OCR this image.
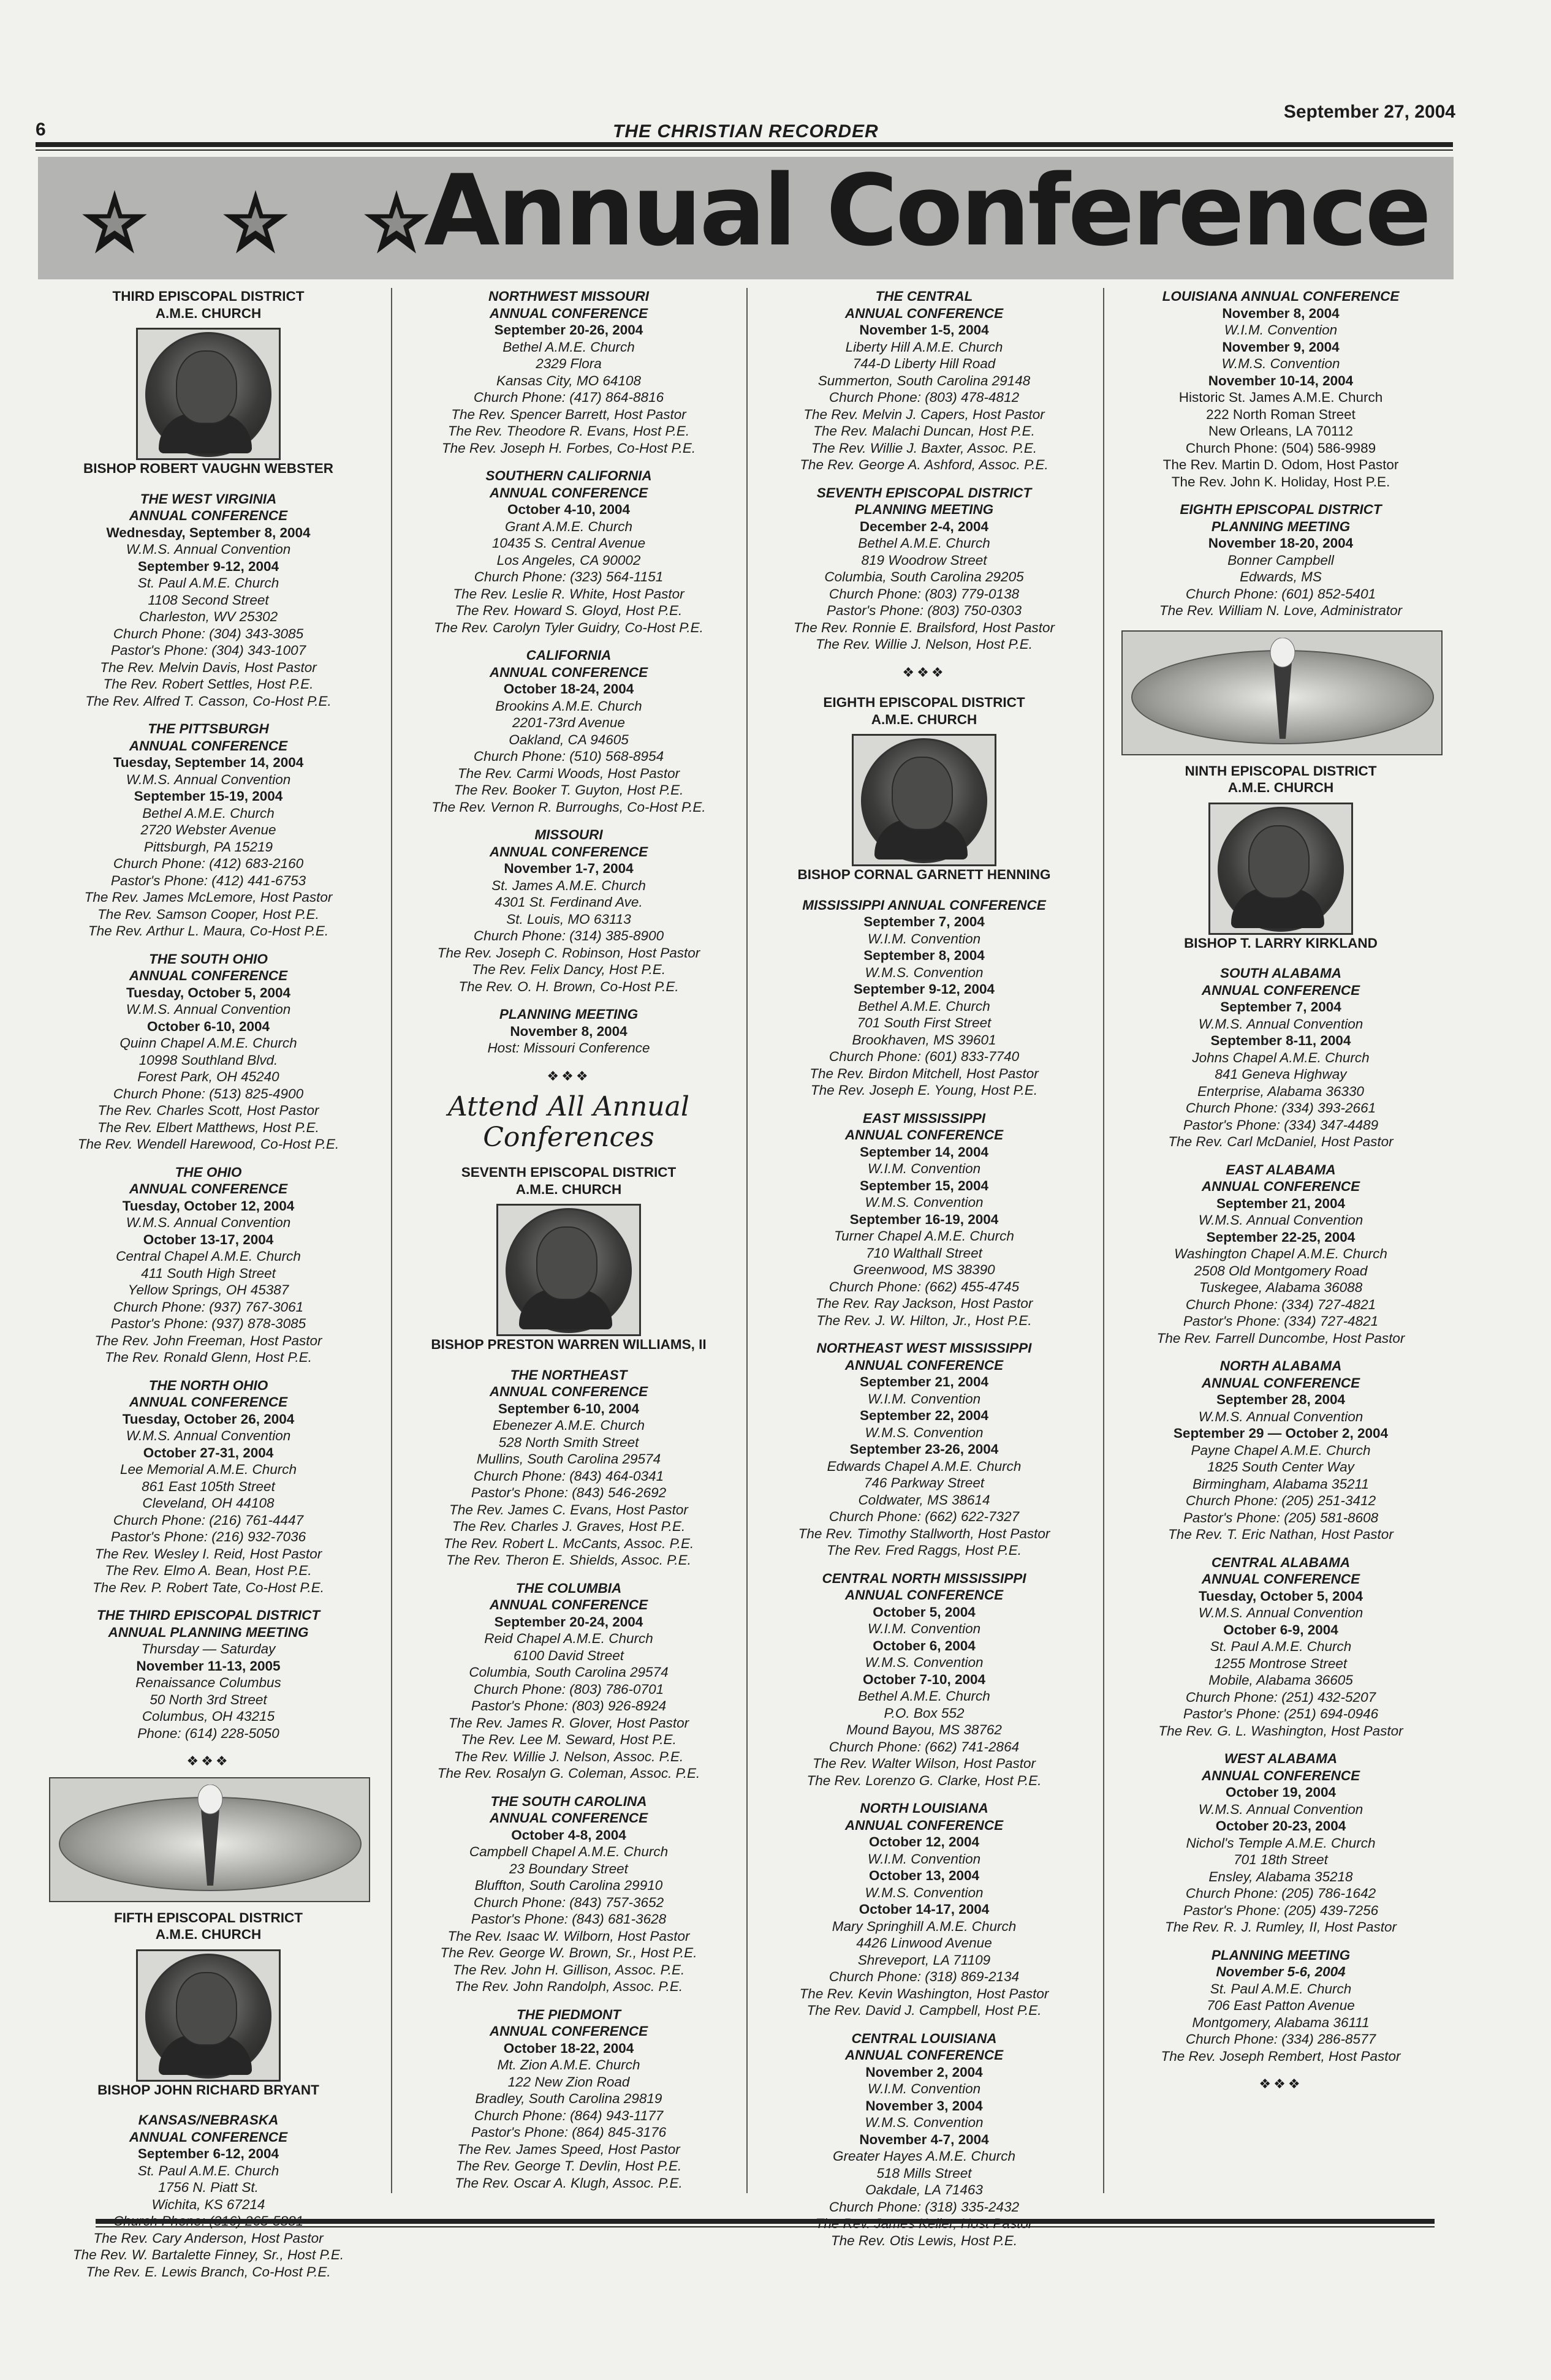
6	THE CHRISTIAN RECORDER
September 27, 2004
Annual Conference

THIRD EPISCOPAL DISTRICT

A.M.E. CHURCH

BISHOP ROBERT VAUGHN WEBSTER

THE WEST VIRGINIA

ANNUAL CONFERENCE

Wednesday, September 8, 2004

W.M.S. Annual Convention

September 9-12, 2004

St. Paul A.M.E. Church

1108 Second Street

Charleston, WV 25302

Church Phone: (304) 343-3085

Pastor's Phone: (304) 343-1007

The Rev. Melvin Davis, Host Pastor

The Rev. Robert Settles, Host P.E.

The Rev. Alfred T. Casson, Co-Host P.E.

THE PITTSBURGH

ANNUAL CONFERENCE

Tuesday, September 14, 2004

W.M.S. Annual Convention

September 15-19, 2004

Bethel A.M.E. Church

2720 Webster Avenue

Pittsburgh, PA 15219

Church Phone: (412) 683-2160

Pastor's Phone: (412) 441-6753

The Rev. James McLemore, Host Pastor

The Rev. Samson Cooper, Host P.E.

The Rev. Arthur L. Maura, Co-Host P.E.

THE SOUTH OHIO

ANNUAL CONFERENCE

Tuesday, October 5, 2004

W.M.S. Annual Convention

October 6-10, 2004

Quinn Chapel A.M.E. Church

10998 Southland Blvd.

Forest Park, OH 45240

Church Phone: (513) 825-4900

The Rev. Charles Scott, Host Pastor

The Rev. Elbert Matthews, Host P.E.

The Rev. Wendell Harewood, Co-Host P.E.

THE OHIO

ANNUAL CONFERENCE

Tuesday, October 12, 2004

W.M.S. Annual Convention

October 13-17, 2004

Central Chapel A.M.E. Church

411 South High Street

Yellow Springs, OH 45387

Church Phone: (937) 767-3061

Pastor's Phone: (937) 878-3085

The Rev. John Freeman, Host Pastor

The Rev. Ronald Glenn, Host P.E.

THE NORTH OHIO

ANNUAL CONFERENCE

Tuesday, October 26, 2004

W.M.S. Annual Convention

October 27-31, 2004

Lee Memorial A.M.E. Church

861 East 105th Street

Cleveland, OH 44108

Church Phone: (216) 761-4447

Pastor's Phone: (216) 932-7036

The Rev. Wesley I. Reid, Host Pastor

The Rev. Elmo A. Bean, Host P.E.

The Rev. P. Robert Tate, Co-Host P.E.

THE THIRD EPISCOPAL DISTRICT

ANNUAL PLANNING MEETING

Thursday — Saturday

November 11-13, 2005

Renaissance Columbus

50 North 3rd Street

Columbus, OH 43215

Phone: (614) 228-5050

❖❖❖

FIFTH EPISCOPAL DISTRICT

A.M.E. CHURCH

BISHOP JOHN RICHARD BRYANT

KANSAS/NEBRASKA

ANNUAL CONFERENCE

September 6-12, 2004

St. Paul A.M.E. Church

1756 N. Piatt St.

Wichita, KS 67214

The Rev. Cary Anderson, Host Pastor

The Rev. W. Bartalette Finney, Sr., Host P.E.

The Rev. E. Lewis Branch, Co-Host P.E.

NORTHWEST MISSOURI

ANNUAL CONFERENCE

September 20-26, 2004

Bethel A.M.E. Church

2329 Flora

Kansas City, MO 64108

Church Phone: (417) 864-8816

The Rev. Spencer Barrett, Host Pastor

The Rev. Theodore R. Evans, Host P.E.

The Rev. Joseph H. Forbes, Co-Host P.E.

SOUTHERN CALIFORNIA

ANNUAL CONFERENCE

October 4-10, 2004

Grant A.M.E. Church

10435 S. Central Avenue

Los Angeles, CA 90002

Church Phone: (323) 564-1151

The Rev. Leslie R. White, Host Pastor

The Rev. Howard S. Gloyd, Host P.E.

The Rev. Carolyn Tyler Guidry, Co-Host P.E.

CALIFORNIA

ANNUAL CONFERENCE

October 18-24, 2004

Brookins A.M.E. Church

2201-73rd Avenue

Oakland, CA 94605

Church Phone: (510) 568-8954

The Rev. Carmi Woods, Host Pastor

The Rev. Booker T. Guyton, Host P.E.

The Rev. Vernon R. Burroughs, Co-Host P.E.

MISSOURI

ANNUAL CONFERENCE

November 1-7, 2004

St. James A.M.E. Church

4301 St. Ferdinand Ave.

St. Louis, MO 63113

Church Phone: (314) 385-8900

The Rev. Joseph C. Robinson, Host Pastor

The Rev. Felix Dancy, Host P.E.

The Rev. O. H. Brown, Co-Host P.E.

PLANNING MEETING

November 8, 2004

Host: Missouri Conference

❖❖❖

Attend All Annual
Conferences

SEVENTH EPISCOPAL DISTRICT

A.M.E. CHURCH

BISHOP PRESTON WARREN WILLIAMS, II

THE NORTHEAST

ANNUAL CONFERENCE

September 6-10, 2004

Ebenezer A.M.E. Church

528 North Smith Street

Mullins, South Carolina 29574

Church Phone: (843) 464-0341

Pastor's Phone: (843) 546-2692

The Rev. James C. Evans, Host Pastor

The Rev. Charles J. Graves, Host P.E.

The Rev. Robert L. McCants, Assoc. P.E.

The Rev. Theron E. Shields, Assoc. P.E.

THE COLUMBIA

ANNUAL CONFERENCE

September 20-24, 2004

Reid Chapel A.M.E. Church

6100 David Street

Columbia, South Carolina 29574

Church Phone: (803) 786-0701

Pastor's Phone: (803) 926-8924

The Rev. James R. Glover, Host Pastor

The Rev. Lee M. Seward, Host P.E.

The Rev. Willie J. Nelson, Assoc. P.E.

The Rev. Rosalyn G. Coleman, Assoc. P.E.

THE SOUTH CAROLINA

ANNUAL CONFERENCE

October 4-8, 2004

Campbell Chapel A.M.E. Church

23 Boundary Street

Bluffton, South Carolina 29910

Church Phone: (843) 757-3652

Pastor's Phone: (843) 681-3628

The Rev. Isaac W. Wilborn, Host Pastor

The Rev. George W. Brown, Sr., Host P.E.

The Rev. John H. Gillison, Assoc. P.E.

The Rev. John Randolph, Assoc. P.E.

THE PIEDMONT

ANNUAL CONFERENCE

October 18-22, 2004

Mt. Zion A.M.E. Church

122 New Zion Road

Bradley, South Carolina 29819

Church Phone: (864) 943-1177

Pastor's Phone: (864) 845-3176

The Rev. James Speed, Host Pastor

The Rev. George T. Devlin, Host P.E.

The Rev. Oscar A. Klugh, Assoc. P.E.

THE CENTRAL

ANNUAL CONFERENCE

November 1-5, 2004

Liberty Hill A.M.E. Church

744-D Liberty Hill Road

Summerton, South Carolina 29148

Church Phone: (803) 478-4812

The Rev. Melvin J. Capers, Host Pastor

The Rev. Malachi Duncan, Host P.E.

The Rev. Willie J. Baxter, Assoc. P.E.

The Rev. George A. Ashford, Assoc. P.E.

SEVENTH EPISCOPAL DISTRICT

PLANNING MEETING

December 2-4, 2004

Bethel A.M.E. Church

819 Woodrow Street

Columbia, South Carolina 29205

Church Phone: (803) 779-0138

Pastor's Phone: (803) 750-0303

The Rev. Ronnie E. Brailsford, Host Pastor

The Rev. Willie J. Nelson, Host P.E.

❖❖❖

EIGHTH EPISCOPAL DISTRICT

A.M.E. CHURCH

BISHOP CORNAL GARNETT HENNING

MISSISSIPPI ANNUAL CONFERENCE

September 7, 2004

W.I.M. Convention

September 8, 2004

W.M.S. Convention

September 9-12, 2004

Bethel A.M.E. Church

701 South First Street

Brookhaven, MS 39601

Church Phone: (601) 833-7740

The Rev. Birdon Mitchell, Host Pastor

The Rev. Joseph E. Young, Host P.E.

EAST MISSISSIPPI

ANNUAL CONFERENCE

September 14, 2004

W.I.M. Convention

September 15, 2004

W.M.S. Convention

September 16-19, 2004

Turner Chapel A.M.E. Church

710 Walthall Street

Greenwood, MS 38390

Church Phone: (662) 455-4745

The Rev. Ray Jackson, Host Pastor

The Rev. J. W. Hilton, Jr., Host P.E.

NORTHEAST WEST MISSISSIPPI

ANNUAL CONFERENCE

September 21, 2004

W.I.M. Convention

September 22, 2004

W.M.S. Convention

September 23-26, 2004

Edwards Chapel A.M.E. Church

746 Parkway Street

Coldwater, MS 38614

Church Phone: (662) 622-7327

The Rev. Timothy Stallworth, Host Pastor

The Rev. Fred Raggs, Host P.E.

CENTRAL NORTH MISSISSIPPI

ANNUAL CONFERENCE

October 5, 2004

W.I.M. Convention

October 6, 2004

W.M.S. Convention

October 7-10, 2004

Bethel A.M.E. Church

P.O. Box 552

Mound Bayou, MS 38762

Church Phone: (662) 741-2864

The Rev. Walter Wilson, Host Pastor

The Rev. Lorenzo G. Clarke, Host P.E.

NORTH LOUISIANA

ANNUAL CONFERENCE

October 12, 2004

W.I.M. Convention

October 13, 2004

W.M.S. Convention

October 14-17, 2004

Mary Springhill A.M.E. Church

4426 Linwood Avenue

Shreveport, LA 71109

Church Phone: (318) 869-2134

The Rev. Kevin Washington, Host Pastor

The Rev. David J. Campbell, Host P.E.

CENTRAL LOUISIANA

ANNUAL CONFERENCE

November 2, 2004

W.I.M. Convention

November 3, 2004

W.M.S. Convention

November 4-7, 2004

Greater Hayes A.M.E. Church

518 Mills Street

Oakdale, LA 71463

Church Phone: (318) 335-2432

The Rev. Otis Lewis, Host P.E.

LOUISIANA ANNUAL CONFERENCE

November 8, 2004

W.I.M. Convention

November 9, 2004

W.M.S. Convention

November 10-14, 2004

Historic St. James A.M.E. Church

222 North Roman Street

New Orleans, LA 70112

Church Phone: (504) 586-9989

The Rev. Martin D. Odom, Host Pastor

The Rev. John K. Holiday, Host P.E.

EIGHTH EPISCOPAL DISTRICT

PLANNING MEETING

November 18-20, 2004

Bonner Campbell

Edwards, MS

Church Phone: (601) 852-5401

The Rev. William N. Love, Administrator

NINTH EPISCOPAL DISTRICT

A.M.E. CHURCH

BISHOP T. LARRY KIRKLAND

SOUTH ALABAMA

ANNUAL CONFERENCE

September 7, 2004

W.M.S. Annual Convention

September 8-11, 2004

Johns Chapel A.M.E. Church

841 Geneva Highway

Enterprise, Alabama 36330

Church Phone: (334) 393-2661

Pastor's Phone: (334) 347-4489

The Rev. Carl McDaniel, Host Pastor

EAST ALABAMA

ANNUAL CONFERENCE

September 21, 2004

W.M.S. Annual Convention

September 22-25, 2004

Washington Chapel A.M.E. Church

2508 Old Montgomery Road

Tuskegee, Alabama 36088

Church Phone: (334) 727-4821

Pastor's Phone: (334) 727-4821

The Rev. Farrell Duncombe, Host Pastor

NORTH ALABAMA

ANNUAL CONFERENCE

September 28, 2004

W.M.S. Annual Convention

September 29 — October 2, 2004

Payne Chapel A.M.E. Church

1825 South Center Way

Birmingham, Alabama 35211

Church Phone: (205) 251-3412

Pastor's Phone: (205) 581-8608

The Rev. T. Eric Nathan, Host Pastor

CENTRAL ALABAMA

ANNUAL CONFERENCE

Tuesday, October 5, 2004

W.M.S. Annual Convention

October 6-9, 2004

St. Paul A.M.E. Church

1255 Montrose Street

Mobile, Alabama 36605

Church Phone: (251) 432-5207

Pastor's Phone: (251) 694-0946

The Rev. G. L. Washington, Host Pastor

WEST ALABAMA

ANNUAL CONFERENCE

October 19, 2004

W.M.S. Annual Convention

October 20-23, 2004

Nichol's Temple A.M.E. Church

701 18th Street

Ensley, Alabama 35218

Church Phone: (205) 786-1642

Pastor's Phone: (205) 439-7256

The Rev. R. J. Rumley, II, Host Pastor

PLANNING MEETING

November 5-6, 2004

St. Paul A.M.E. Church

706 East Patton Avenue

Montgomery, Alabama 36111

Church Phone: (334) 286-8577

The Rev. Joseph Rembert, Host Pastor

❖❖❖
